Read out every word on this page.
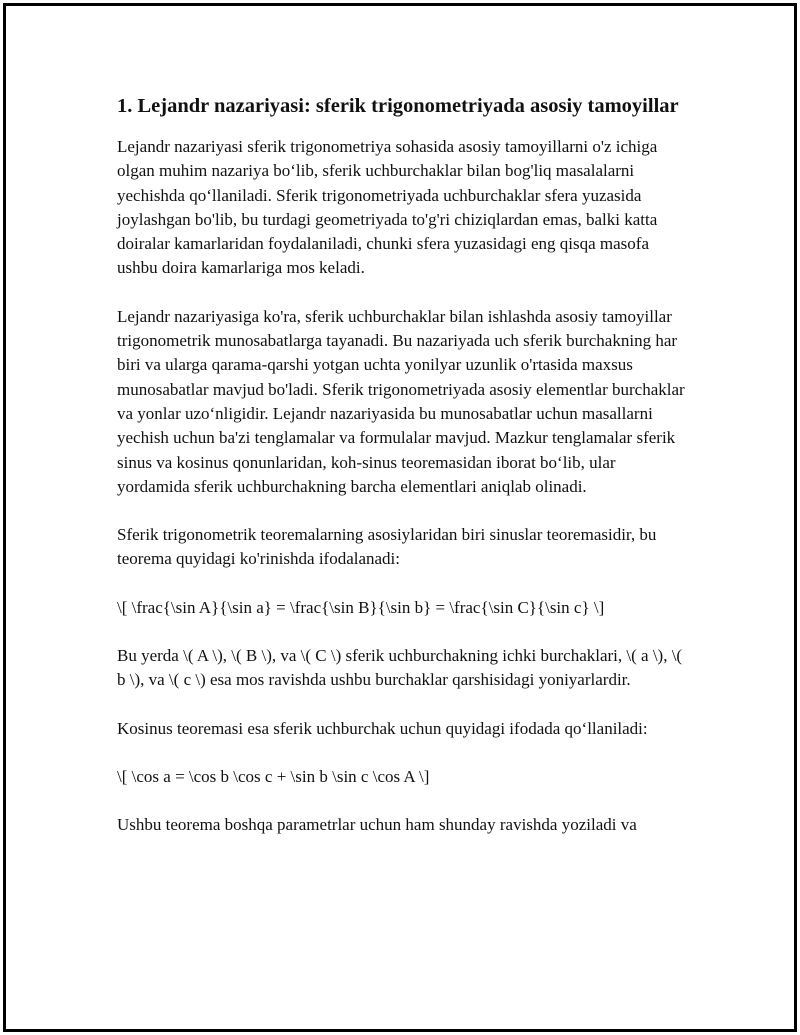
1. Lejandr nazariyasi: sferik trigonometriyada asosiy tamoyillar

Lejandr nazariyasi sferik trigonometriya sohasida asosiy tamoyillarni o'z ichiga olgan muhim nazariya bo‘lib, sferik uchburchaklar bilan bog'liq masalalarni yechishda qo‘llaniladi. Sferik trigonometriyada uchburchaklar sfera yuzasida joylashgan bo'lib, bu turdagi geometriyada to'g'ri chiziqlardan emas, balki katta doiralar kamarlaridan foydalaniladi, chunki sfera yuzasidagi eng qisqa masofa ushbu doira kamarlariga mos keladi.

Lejandr nazariyasiga ko'ra, sferik uchburchaklar bilan ishlashda asosiy tamoyillar trigonometrik munosabatlarga tayanadi. Bu nazariyada uch sferik burchakning har biri va ularga qarama-qarshi yotgan uchta yonilyar uzunlik o'rtasida maxsus munosabatlar mavjud bo'ladi. Sferik trigonometriyada asosiy elementlar burchaklar va yonlar uzo‘nligidir. Lejandr nazariyasida bu munosabatlar uchun masallarni yechish uchun ba'zi tenglamalar va formulalar mavjud. Mazkur tenglamalar sferik sinus va kosinus qonunlaridan, koh-sinus teoremasidan iborat bo‘lib, ular yordamida sferik uchburchakning barcha elementlari aniqlab olinadi.

Sferik trigonometrik teoremalarning asosiylaridan biri sinuslar teoremasidir, bu teorema quyidagi ko'rinishda ifodalanadi:

\[ \frac{\sin A}{\sin a} = \frac{\sin B}{\sin b} = \frac{\sin C}{\sin c} \]

Bu yerda \( A \), \( B \), va \( C \) sferik uchburchakning ichki burchaklari, \( a \), \( b \), va \( c \) esa mos ravishda ushbu burchaklar qarshisidagi yoniyarlardir.

Kosinus teoremasi esa sferik uchburchak uchun quyidagi ifodada qo‘llaniladi:

\[ \cos a = \cos b \cos c + \sin b \sin c \cos A \]

Ushbu teorema boshqa parametrlar uchun ham shunday ravishda yoziladi va
